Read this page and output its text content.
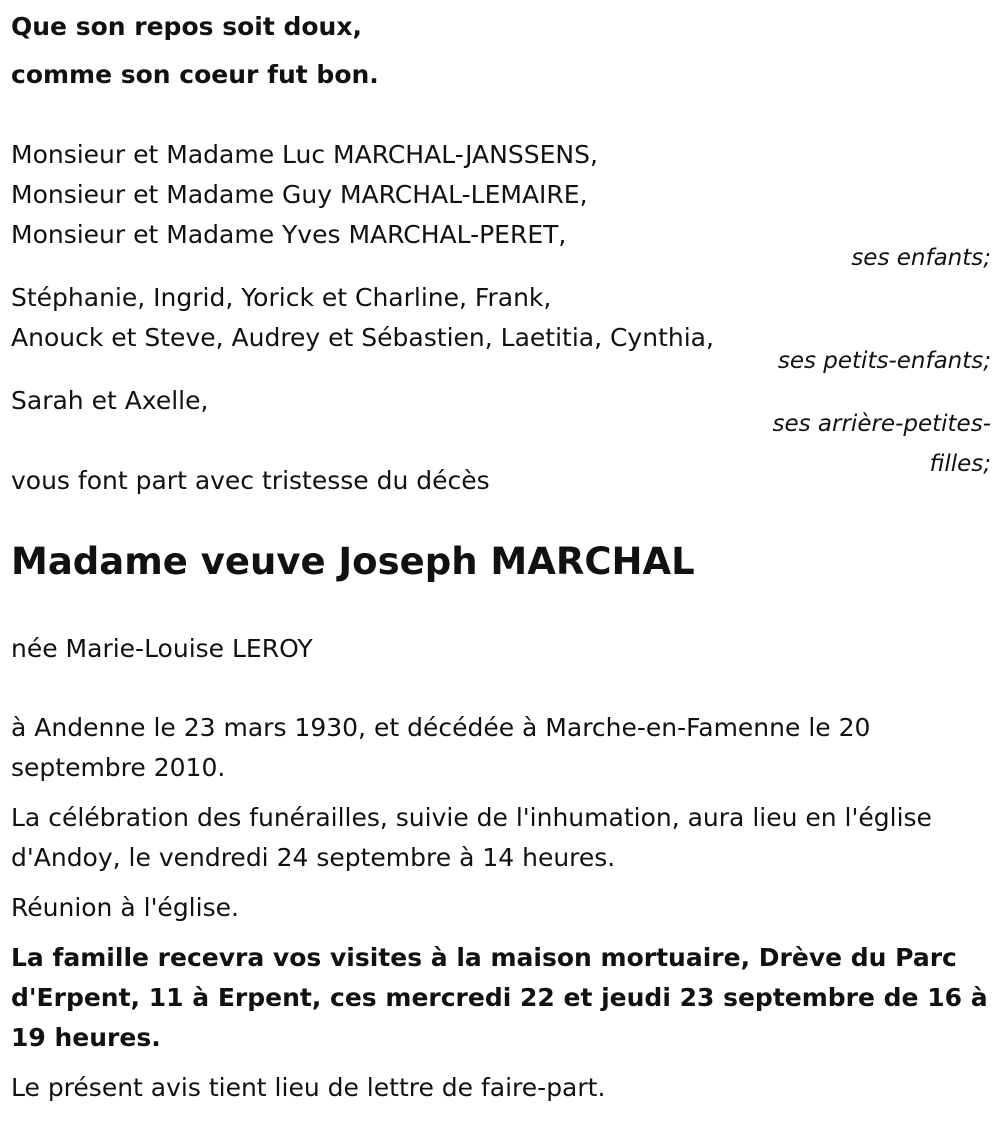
Que son repos soit doux,
comme son coeur fut bon.
Monsieur et Madame Luc MARCHAL-JANSSENS,
Monsieur et Madame Guy MARCHAL-LEMAIRE,
Monsieur et Madame Yves MARCHAL-PERET,
ses enfants;
Stéphanie, Ingrid, Yorick et Charline, Frank,
Anouck et Steve, Audrey et Sébastien, Laetitia, Cynthia,
ses petits-enfants;
Sarah et Axelle,
ses arrière-petites-filles;
vous font part avec tristesse du décès
Madame veuve Joseph MARCHAL
née Marie-Louise LEROY
à Andenne le 23 mars 1930, et décédée à Marche-en-Famenne le 20 septembre 2010.
La célébration des funérailles, suivie de l'inhumation, aura lieu en l'église d'Andoy, le vendredi 24 septembre à 14 heures.
Réunion à l'église.
La famille recevra vos visites à la maison mortuaire, Drève du Parc d'Erpent, 11 à Erpent, ces mercredi 22 et jeudi 23 septembre de 16 à 19 heures.
Le présent avis tient lieu de lettre de faire-part.
